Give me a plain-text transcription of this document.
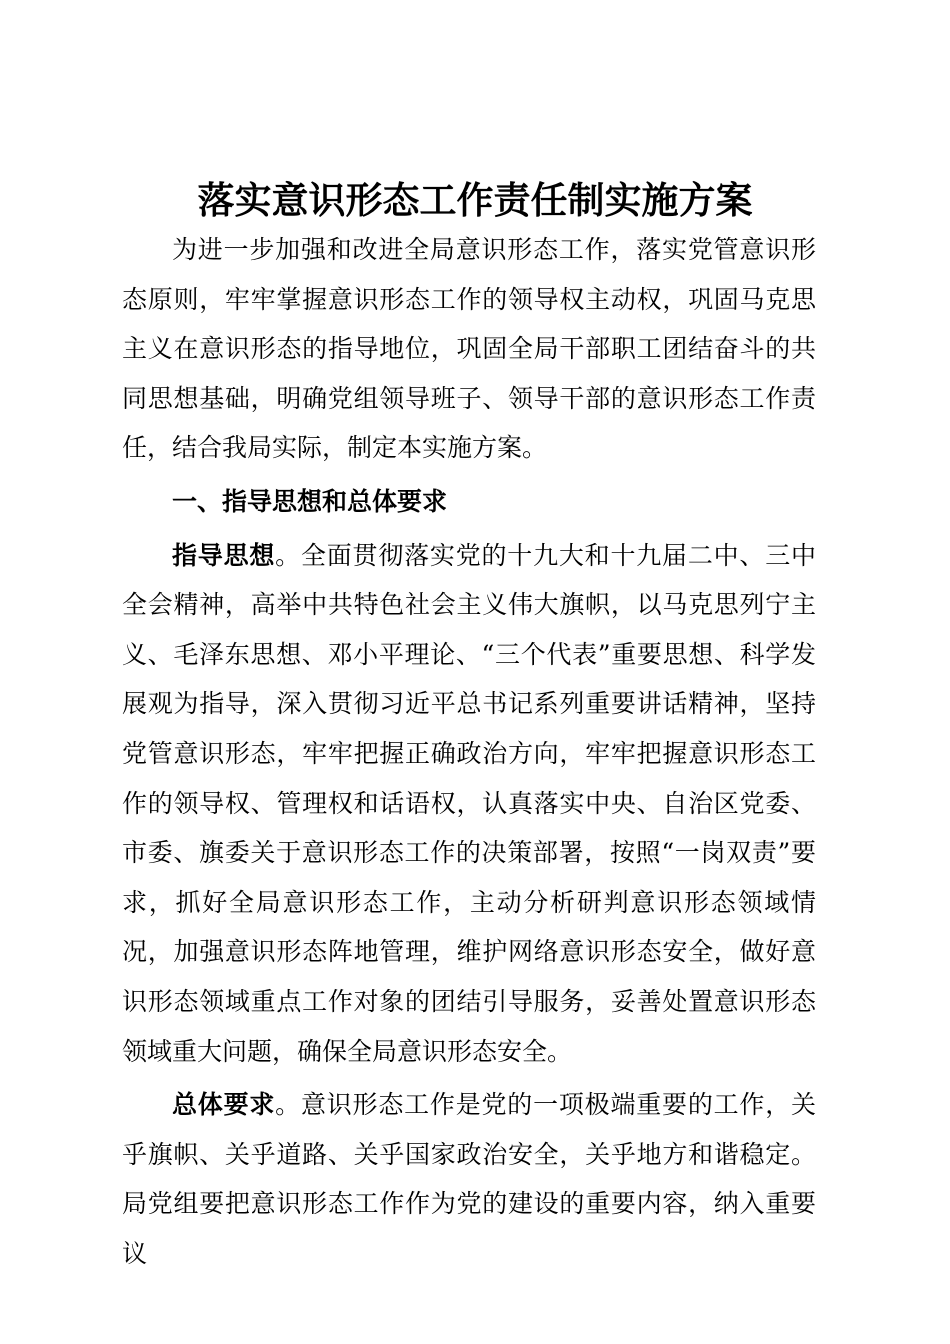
落实意识形态工作责任制实施方案

为进一步加强和改进全局意识形态工作，落实党管意识形态原则，牢牢掌握意识形态工作的领导权主动权，巩固马克思主义在意识形态的指导地位，巩固全局干部职工团结奋斗的共同思想基础，明确党组领导班子、领导干部的意识形态工作责任，结合我局实际，制定本实施方案。

一、指导思想和总体要求

指导思想。全面贯彻落实党的十九大和十九届二中、三中全会精神，高举中共特色社会主义伟大旗帜，以马克思列宁主义、毛泽东思想、邓小平理论、“三个代表”重要思想、科学发展观为指导，深入贯彻习近平总书记系列重要讲话精神，坚持党管意识形态，牢牢把握正确政治方向，牢牢把握意识形态工作的领导权、管理权和话语权，认真落实中央、自治区党委、市委、旗委关于意识形态工作的决策部署，按照“一岗双责”要求，抓好全局意识形态工作，主动分析研判意识形态领域情况，加强意识形态阵地管理，维护网络意识形态安全，做好意识形态领域重点工作对象的团结引导服务，妥善处置意识形态领域重大问题，确保全局意识形态安全。

总体要求。意识形态工作是党的一项极端重要的工作，关乎旗帜、关乎道路、关乎国家政治安全，关乎地方和谐稳定。局党组要把意识形态工作作为党的建设的重要内容，纳入重要议
